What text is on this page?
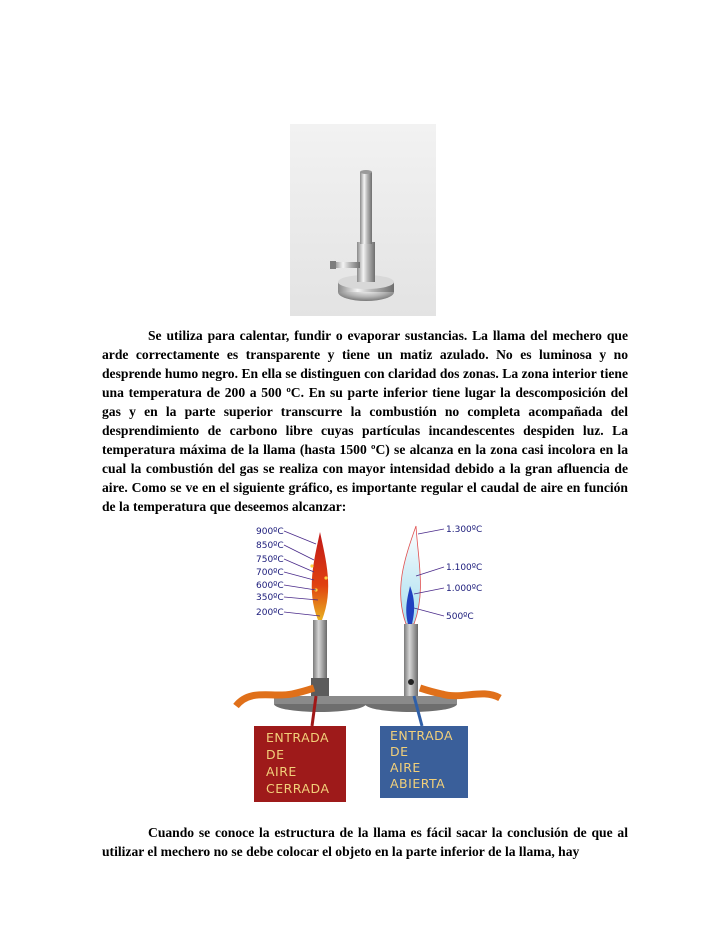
Se utiliza para calentar, fundir o evaporar sustancias. La llama del mechero que arde correctamente es transparente y tiene un matiz azulado. No es luminosa y no desprende humo negro. En ella se distinguen con claridad dos zonas. La zona interior tiene una temperatura de 200 a 500 ºC. En su parte inferior tiene lugar la descomposición del gas y en la parte superior transcurre la combustión no completa acompañada del desprendimiento de carbono libre cuyas partículas incandescentes despiden luz. La temperatura máxima de la llama (hasta 1500 ºC) se alcanza en la zona casi incolora en la cual la combustión del gas se realiza con mayor intensidad debido a la gran afluencia de aire. Como se ve en el siguiente gráfico, es importante regular el caudal de aire en función de la temperatura que deseemos alcanzar:

900ºC
850ºC
750ºC
700ºC
600ºC
350ºC
200ºC
1.300ºC
1.100ºC
1.000ºC
500ºC
ENTRADA
DE
AIRE
CERRADA
ENTRADA
DE
AIRE
ABIERTA

Cuando se conoce la estructura de la llama es fácil sacar la conclusión de que al utilizar el mechero no se debe colocar el objeto en la parte inferior de la llama, hay
